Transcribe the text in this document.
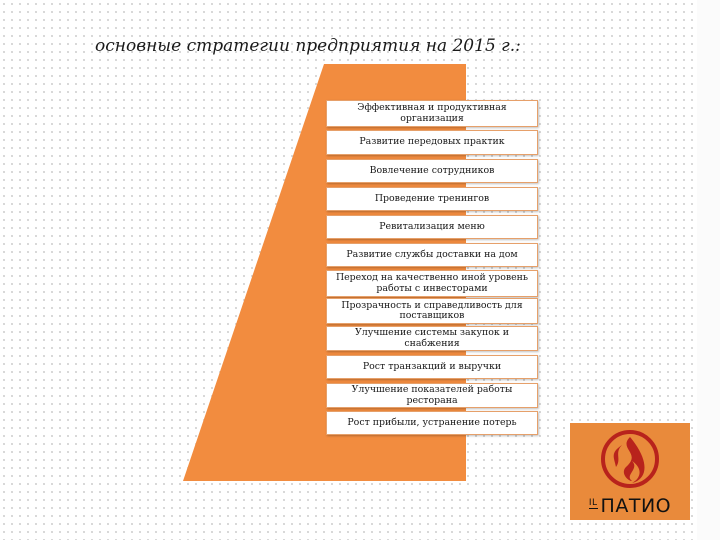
основные стратегии предприятия на 2015 г.:
Эффективная и продуктивная организация
Развитие передовых практик
Вовлечение сотрудников
Проведение тренингов
Ревитализация меню
Развитие службы доставки на дом
Переход на качественно иной уровень работы с инвесторами
Прозрачность и справедливость для поставщиков
Улучшение системы закупок и снабжения
Рост транзакций и выручки
Улучшение показателей работы ресторана
Рост прибыли, устранение потерь
$^{IL}$ ПАТИО
